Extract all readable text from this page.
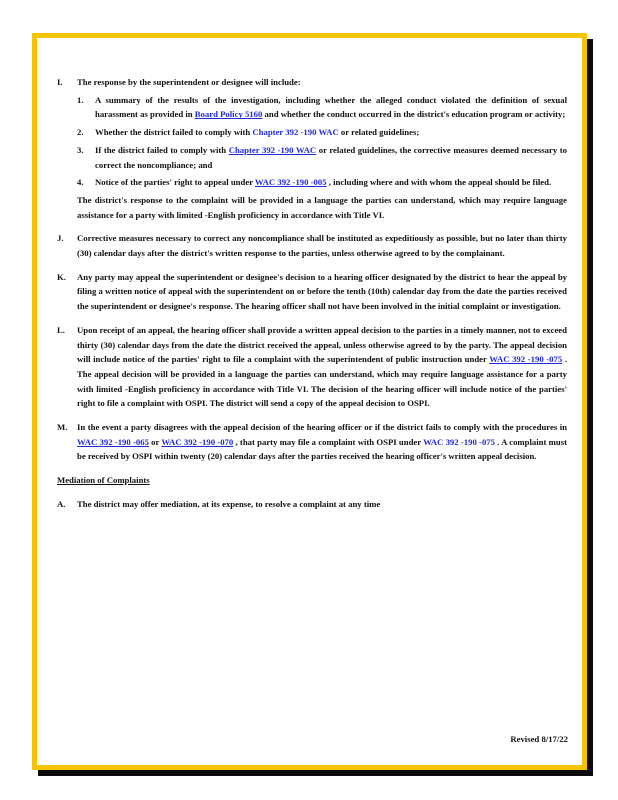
I.	The response by the superintendent or designee will include:
1.	A summary of the results of the investigation, including whether the alleged conduct violated the definition of sexual harassment as provided in Board Policy 5160 and whether the conduct occurred in the district's education program or activity;
2.	Whether the district failed to comply with Chapter 392 -190 WAC or related guidelines;
3.	If the district failed to comply with Chapter 392 -190 WAC or related guidelines, the corrective measures deemed necessary to correct the noncompliance; and
4.	Notice of the parties' right to appeal under WAC 392 -190 -005 , including where and with whom the appeal should be filed.
The district's response to the complaint will be provided in a language the parties can understand, which may require language assistance for a party with limited -English proficiency in accordance with Title VI.
J.	Corrective measures necessary to correct any noncompliance shall be instituted as expeditiously as possible, but no later than thirty (30) calendar days after the district's written response to the parties, unless otherwise agreed to by the complainant.
K.	Any party may appeal the superintendent or designee's decision to a hearing officer designated by the district to hear the appeal by filing a written notice of appeal with the superintendent on or before the tenth (10th) calendar day from the date the parties received the superintendent or designee's response. The hearing officer shall not have been involved in the initial complaint or investigation.
L.	Upon receipt of an appeal, the hearing officer shall provide a written appeal decision to the parties in a timely manner, not to exceed thirty (30) calendar days from the date the district received the appeal, unless otherwise agreed to by the party. The appeal decision will include notice of the parties' right to file a complaint with the superintendent of public instruction under WAC 392 -190 -075 . The appeal decision will be provided in a language the parties can understand, which may require language assistance for a party with limited -English proficiency in accordance with Title VI. The decision of the hearing officer will include notice of the parties' right to file a complaint with OSPI. The district will send a copy of the appeal decision to OSPI.
M.	In the event a party disagrees with the appeal decision of the hearing officer or if the district fails to comply with the procedures in WAC 392 -190 -065 or WAC 392 -190 -070 , that party may file a complaint with OSPI under WAC 392 -190 -075 . A complaint must be received by OSPI within twenty (20) calendar days after the parties received the hearing officer's written appeal decision.
Mediation of Complaints
A.	The district may offer mediation, at its expense, to resolve a complaint at any time
Revised 8/17/22
